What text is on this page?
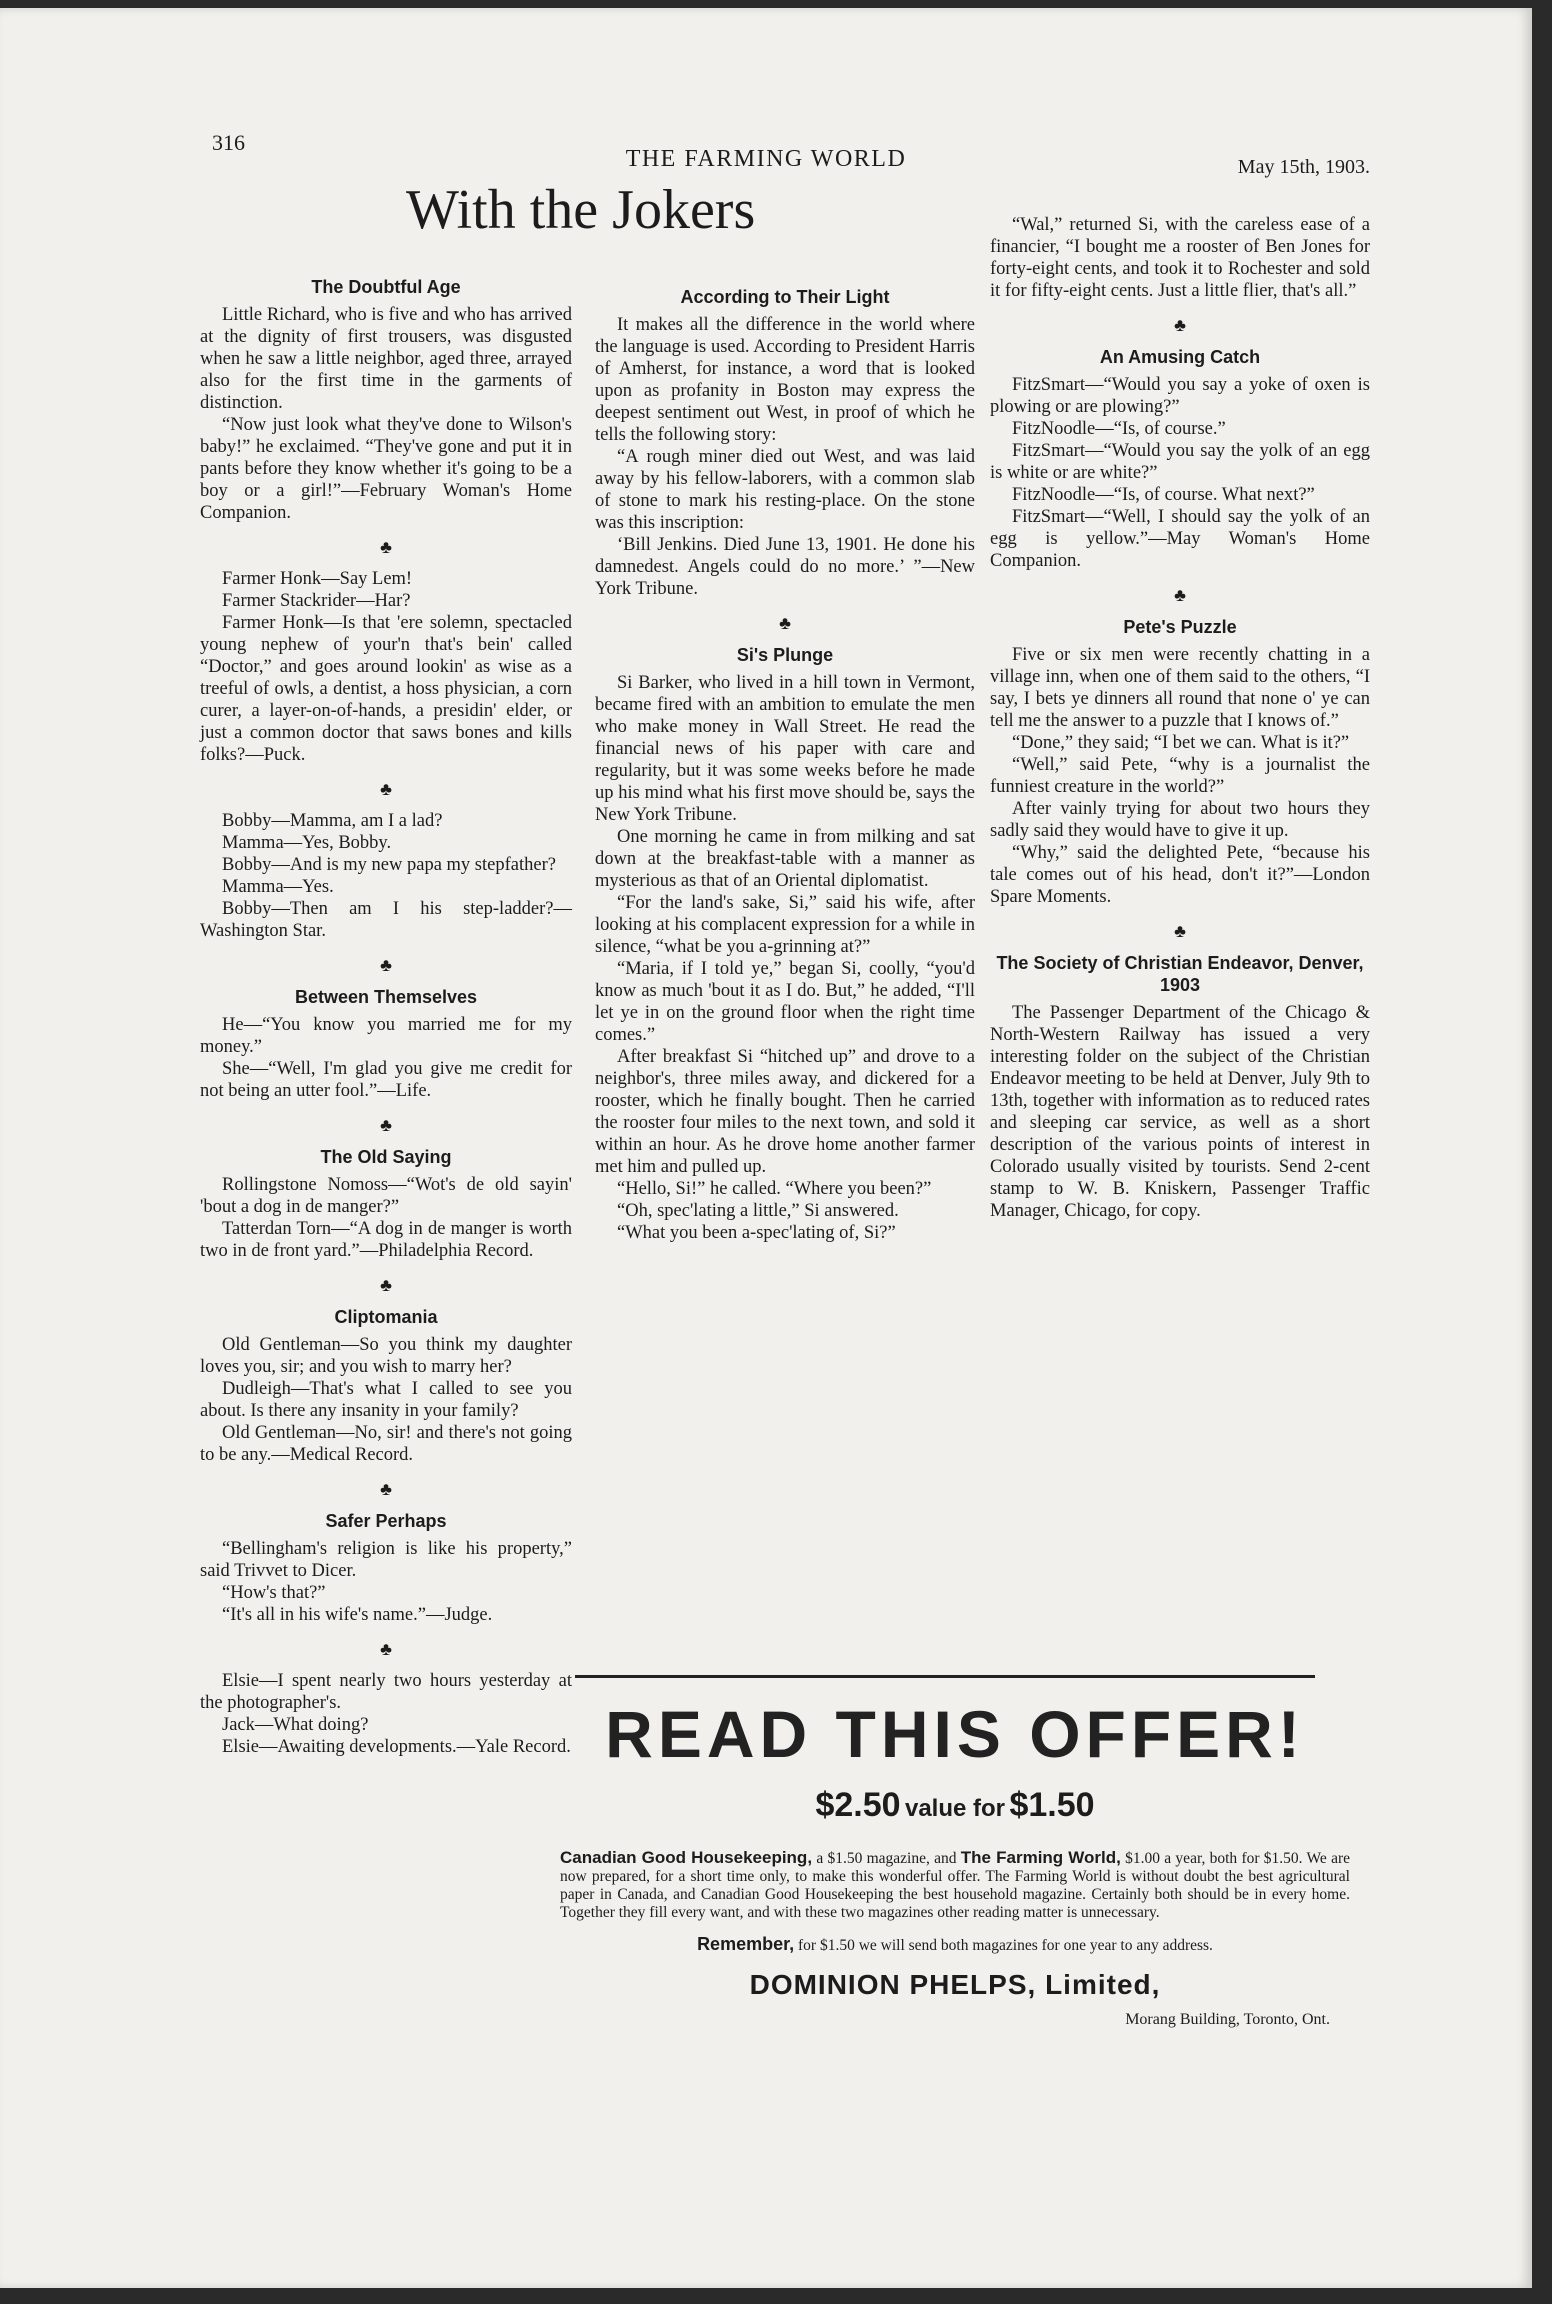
316
THE FARMING WORLD	May 15th, 1903.
With the Jokers
The Doubtful Age

Little Richard, who is five and who has arrived at the dignity of first trousers, was disgusted when he saw a little neighbor, aged three, arrayed also for the first time in the garments of distinction.

“Now just look what they've done to Wilson's baby!” he exclaimed. “They've gone and put it in pants before they know whether it's going to be a boy or a girl!”—February Woman's Home Companion.

♣

Farmer Honk—Say Lem!

Farmer Stackrider—Har?

Farmer Honk—Is that 'ere solemn, spectacled young nephew of your'n that's bein' called “Doctor,” and goes around lookin' as wise as a treeful of owls, a dentist, a hoss physician, a corn curer, a layer-on-of-hands, a presidin' elder, or just a common doctor that saws bones and kills folks?—Puck.

♣

Bobby—Mamma, am I a lad?

Mamma—Yes, Bobby.

Bobby—And is my new papa my stepfather?

Mamma—Yes.

Bobby—Then am I his step-ladder?—Washington Star.

♣
Between Themselves

He—“You know you married me for my money.”

She—“Well, I'm glad you give me credit for not being an utter fool.”—Life.

♣
The Old Saying

Rollingstone Nomoss—“Wot's de old sayin' 'bout a dog in de manger?”

Tatterdan Torn—“A dog in de manger is worth two in de front yard.”—Philadelphia Record.

♣
Cliptomania

Old Gentleman—So you think my daughter loves you, sir; and you wish to marry her?

Dudleigh—That's what I called to see you about. Is there any insanity in your family?

Old Gentleman—No, sir! and there's not going to be any.—Medical Record.

♣
Safer Perhaps

“Bellingham's religion is like his property,” said Trivvet to Dicer.

“How's that?”

“It's all in his wife's name.”—Judge.

♣

Elsie—I spent nearly two hours yesterday at the photographer's.

Jack—What doing?

Elsie—Awaiting developments.—Yale Record.

According to Their Light

It makes all the difference in the world where the language is used. According to President Harris of Amherst, for instance, a word that is looked upon as profanity in Boston may express the deepest sentiment out West, in proof of which he tells the following story:

“A rough miner died out West, and was laid away by his fellow-laborers, with a common slab of stone to mark his resting-place. On the stone was this inscription:

‘Bill Jenkins. Died June 13, 1901. He done his damnedest. Angels could do no more.’ ”—New York Tribune.

♣
Si's Plunge

Si Barker, who lived in a hill town in Vermont, became fired with an ambition to emulate the men who make money in Wall Street. He read the financial news of his paper with care and regularity, but it was some weeks before he made up his mind what his first move should be, says the New York Tribune.

One morning he came in from milking and sat down at the breakfast-table with a manner as mysterious as that of an Oriental diplomatist.

“For the land's sake, Si,” said his wife, after looking at his complacent expression for a while in silence, “what be you a-grinning at?”

“Maria, if I told ye,” began Si, coolly, “you'd know as much 'bout it as I do. But,” he added, “I'll let ye in on the ground floor when the right time comes.”

After breakfast Si “hitched up” and drove to a neighbor's, three miles away, and dickered for a rooster, which he finally bought. Then he carried the rooster four miles to the next town, and sold it within an hour. As he drove home another farmer met him and pulled up.

“Hello, Si!” he called. “Where you been?”

“Oh, spec'lating a little,” Si answered.

“What you been a-spec'lating of, Si?”

“Wal,” returned Si, with the careless ease of a financier, “I bought me a rooster of Ben Jones for forty-eight cents, and took it to Rochester and sold it for fifty-eight cents. Just a little flier, that's all.”

♣
An Amusing Catch

FitzSmart—“Would you say a yoke of oxen is plowing or are plowing?”

FitzNoodle—“Is, of course.”

FitzSmart—“Would you say the yolk of an egg is white or are white?”

FitzNoodle—“Is, of course. What next?”

FitzSmart—“Well, I should say the yolk of an egg is yellow.”—May Woman's Home Companion.

♣
Pete's Puzzle

Five or six men were recently chatting in a village inn, when one of them said to the others, “I say, I bets ye dinners all round that none o' ye can tell me the answer to a puzzle that I knows of.”

“Done,” they said; “I bet we can. What is it?”

“Well,” said Pete, “why is a journalist the funniest creature in the world?”

After vainly trying for about two hours they sadly said they would have to give it up.

“Why,” said the delighted Pete, “because his tale comes out of his head, don't it?”—London Spare Moments.

♣
The Society of Christian Endeavor, Denver, 1903

The Passenger Department of the Chicago & North-Western Railway has issued a very interesting folder on the subject of the Christian Endeavor meeting to be held at Denver, July 9th to 13th, together with information as to reduced rates and sleeping car service, as well as a short description of the various points of interest in Colorado usually visited by tourists. Send 2-cent stamp to W. B. Kniskern, Passenger Traffic Manager, Chicago, for copy.

READ THIS OFFER!
$2.50 value for $1.50
Canadian Good Housekeeping, a $1.50 magazine, and The Farming World, $1.00 a year, both for $1.50. We are now prepared, for a short time only, to make this wonderful offer. The Farming World is without doubt the best agricultural paper in Canada, and Canadian Good Housekeeping the best household magazine. Certainly both should be in every home. Together they fill every want, and with these two magazines other reading matter is unnecessary.
Remember, for $1.50 we will send both magazines for one year to any address.
DOMINION PHELPS, Limited,
Morang Building, Toronto, Ont.
